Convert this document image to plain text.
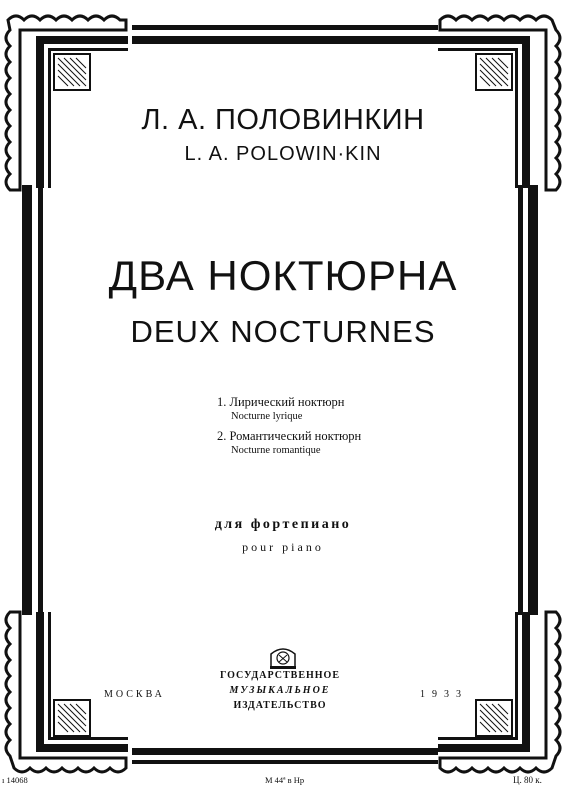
Л. А. ПОЛОВИНКИН
L. A. POLOWIN·KIN
ДВА НОКТЮРНА
DEUX NOCTURNES
1. Лирический ноктюрн
Nocturne lyrique
2. Романтический ноктюрн
Nocturne romantique
для фортепиано
pour piano
МОСКВА
ГОСУДАРСТВЕННОЕ
МУЗЫКАЛЬНОЕ
ИЗДАТЕЛЬСТВО
1933
ı 14068	M 44ª в Нр	Ц. 80 к.
